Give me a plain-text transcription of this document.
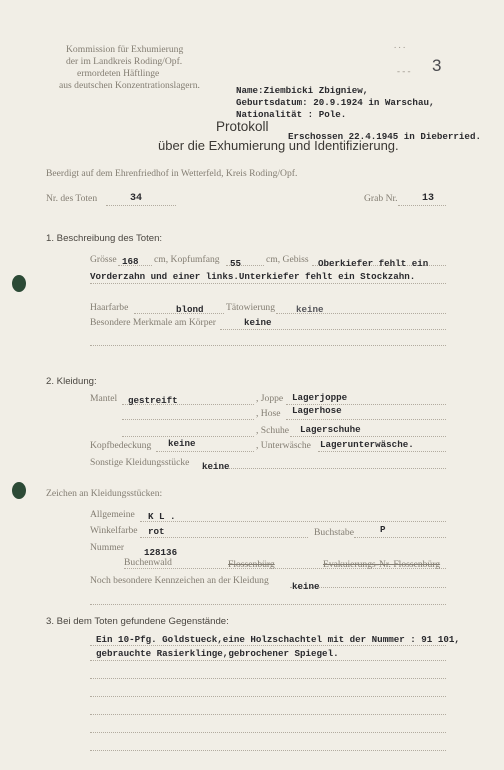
Kommission für Exhumierung
der im Landkreis Roding/Opf.
ermordeten Häftlinge
aus deutschen Konzentrationslagern.
. . .
- - - 3
Name:Ziembicki Zbigniew,
Geburtsdatum: 20.9.1924 in Warschau,
Nationalität : Pole.
Protokoll
Erschossen 22.4.1945 in Dieberried.
über die Exhumierung und Identifizierung.
Beerdigt auf dem Ehrenfriedhof in Wetterfeld, Kreis Roding/Opf.
Nr. des Toten	34	Grab Nr. 13
1. Beschreibung des Toten:
Grösse 168 cm, Kopfumfang 55	cm, Gebiss Oberkiefer fehlt ein
Vorderzahn und einer links.Unterkiefer fehlt ein Stockzahn.
Haarfarbe	blond Tätowierung keine
Besondere Merkmale am Körper	keine
2. Kleidung:
Mantel gestreift	, Joppe Lagerjoppe
, Hose Lagerhose
, Schuhe Lagerschuhe
Kopfbedeckung keine	, Unterwäsche Lagerunterwäsche.
Sonstige Kleidungsstücke keine
Zeichen an Kleidungsstücken:
Allgemeine K L .
Winkelfarbe rot	Buchstabe	P
Nummer 128136
Buchenwald	Flossenbürg	Evakuierungs-Nr. Flossenbürg
Noch besondere Kennzeichen an der Kleidung
keine
3. Bei dem Toten gefundene Gegenstände:
Ein 10-Pfg. Goldstueck,eine Holzschachtel mit der Nummer : 91 101,
gebrauchte Rasierklinge,gebrochener Spiegel.
